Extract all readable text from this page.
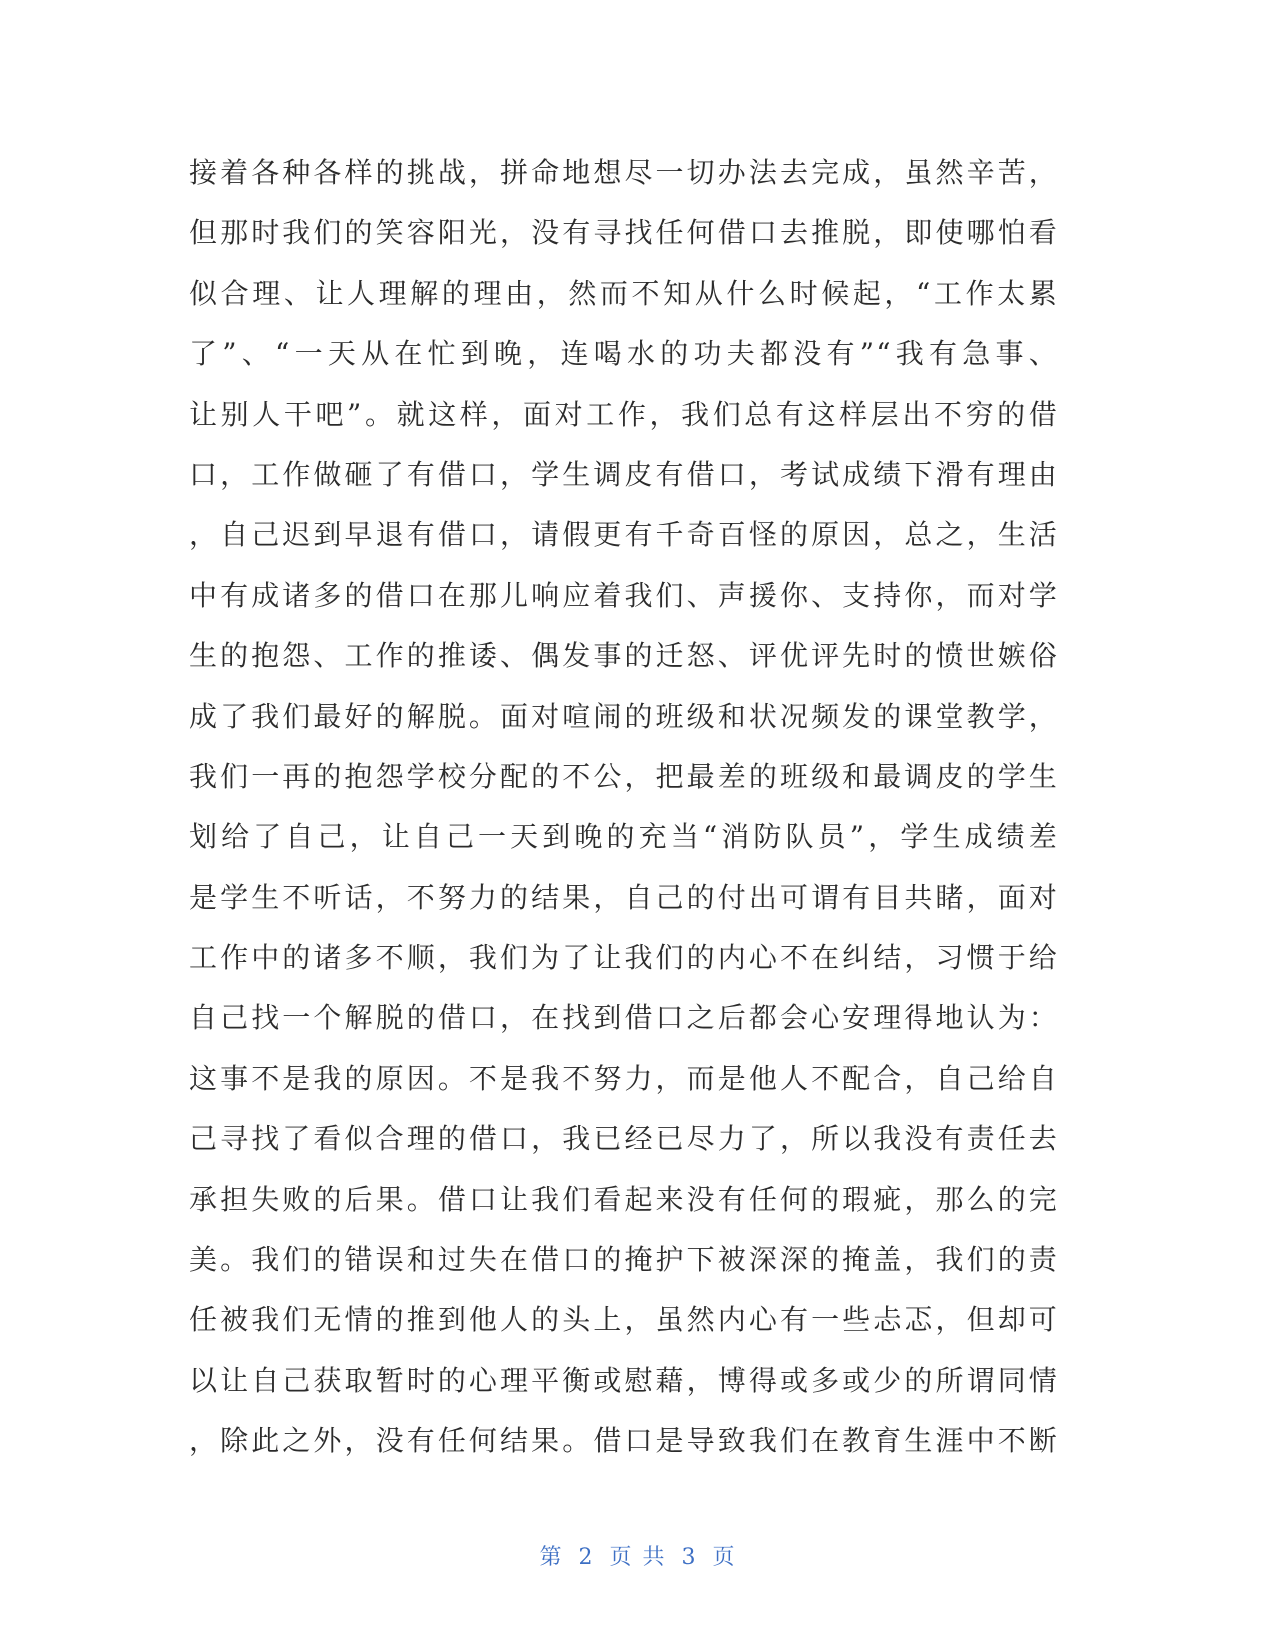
接着各种各样的挑战，拼命地想尽一切办法去完成，虽然辛苦，
但那时我们的笑容阳光，没有寻找任何借口去推脱，即使哪怕看
似合理、让人理解的理由，然而不知从什么时候起，“工作太累
了”、“一天从在忙到晚，连喝水的功夫都没有”“我有急事、
让别人干吧”。就这样，面对工作，我们总有这样层出不穷的借
口，工作做砸了有借口，学生调皮有借口，考试成绩下滑有理由
，自己迟到早退有借口，请假更有千奇百怪的原因，总之，生活
中有成诸多的借口在那儿响应着我们、声援你、支持你，而对学
生的抱怨、工作的推诿、偶发事的迁怒、评优评先时的愤世嫉俗
成了我们最好的解脱。面对喧闹的班级和状况频发的课堂教学，
我们一再的抱怨学校分配的不公，把最差的班级和最调皮的学生
划给了自己，让自己一天到晚的充当“消防队员”，学生成绩差
是学生不听话，不努力的结果，自己的付出可谓有目共睹，面对
工作中的诸多不顺，我们为了让我们的内心不在纠结，习惯于给
自己找一个解脱的借口，在找到借口之后都会心安理得地认为：
这事不是我的原因。不是我不努力，而是他人不配合，自己给自
己寻找了看似合理的借口，我已经已尽力了，所以我没有责任去
承担失败的后果。借口让我们看起来没有任何的瑕疵，那么的完
美。我们的错误和过失在借口的掩护下被深深的掩盖，我们的责
任被我们无情的推到他人的头上，虽然内心有一些忐忑，但却可
以让自己获取暂时的心理平衡或慰藉，博得或多或少的所谓同情
，除此之外，没有任何结果。借口是导致我们在教育生涯中不断
第 2 页 共 3 页
